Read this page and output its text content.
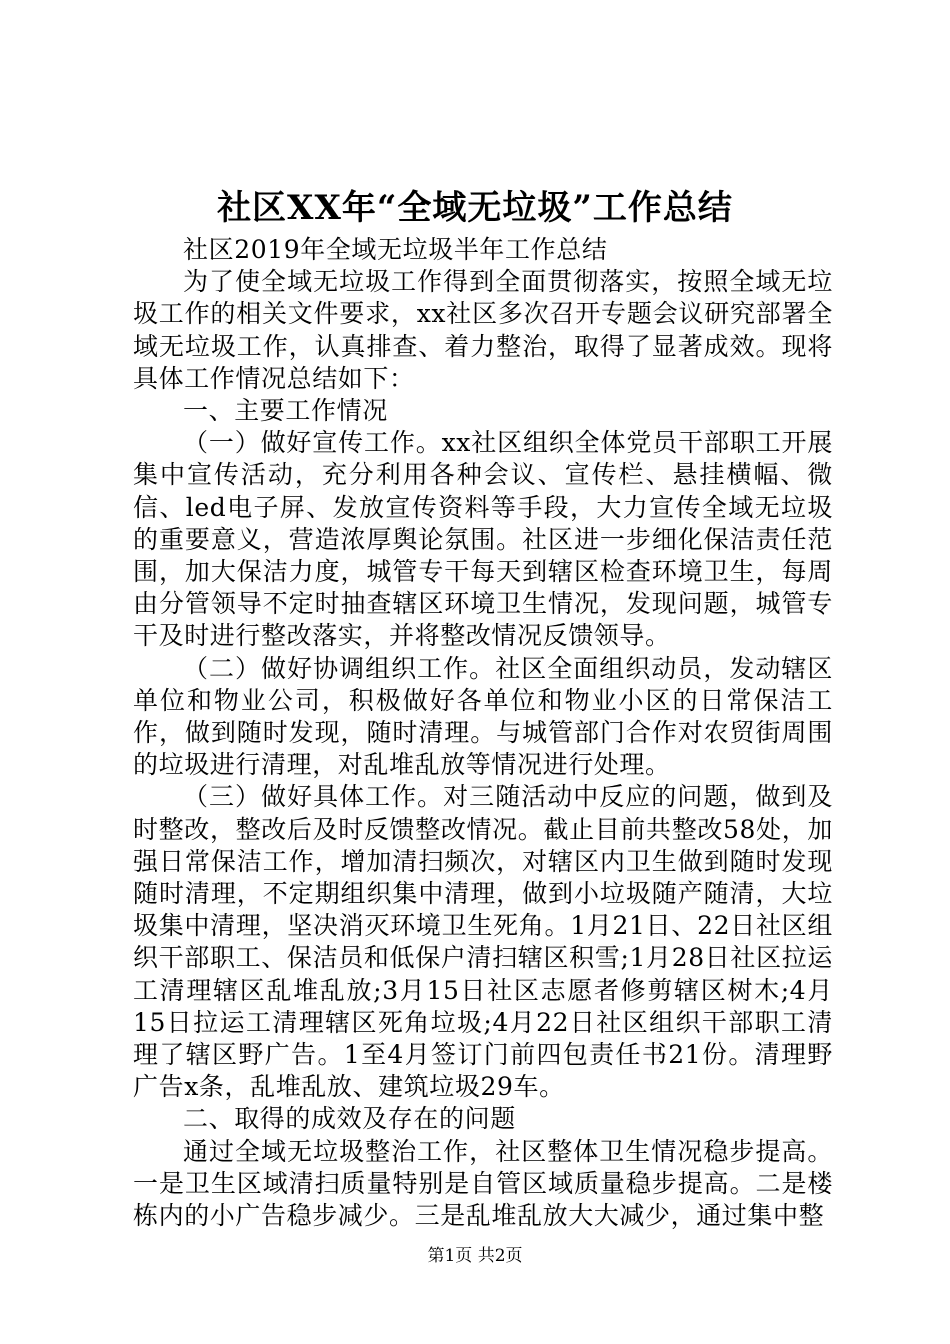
社区XX年“全域无垃圾”工作总结

社区2019年全域无垃圾半年工作总结

为了使全域无垃圾工作得到全面贯彻落实，按照全域无垃圾工作的相关文件要求，xx社区多次召开专题会议研究部署全域无垃圾工作，认真排查、着力整治，取得了显著成效。现将具体工作情况总结如下：

一、主要工作情况

（一）做好宣传工作。xx社区组织全体党员干部职工开展集中宣传活动，充分利用各种会议、宣传栏、悬挂横幅、微信、led电子屏、发放宣传资料等手段，大力宣传全域无垃圾的重要意义，营造浓厚舆论氛围。社区进一步细化保洁责任范围，加大保洁力度，城管专干每天到辖区检查环境卫生，每周由分管领导不定时抽查辖区环境卫生情况，发现问题，城管专干及时进行整改落实，并将整改情况反馈领导。

（二）做好协调组织工作。社区全面组织动员，发动辖区单位和物业公司，积极做好各单位和物业小区的日常保洁工作，做到随时发现，随时清理。与城管部门合作对农贸街周围的垃圾进行清理，对乱堆乱放等情况进行处理。

（三）做好具体工作。对三随活动中反应的问题，做到及时整改，整改后及时反馈整改情况。截止目前共整改58处，加强日常保洁工作，增加清扫频次，对辖区内卫生做到随时发现随时清理，不定期组织集中清理，做到小垃圾随产随清，大垃圾集中清理，坚决消灭环境卫生死角。1月21日、22日社区组织干部职工、保洁员和低保户清扫辖区积雪;1月28日社区拉运工清理辖区乱堆乱放;3月15日社区志愿者修剪辖区树木;4月15日拉运工清理辖区死角垃圾;4月22日社区组织干部职工清理了辖区野广告。1至4月签订门前四包责任书21份。清理野广告x条，乱堆乱放、建筑垃圾29车。

二、取得的成效及存在的问题

通过全域无垃圾整治工作，社区整体卫生情况稳步提高。一是卫生区域清扫质量特别是自管区域质量稳步提高。二是楼栋内的小广告稳步减少。三是乱堆乱放大大减少，通过集中整

第1页 共2页
